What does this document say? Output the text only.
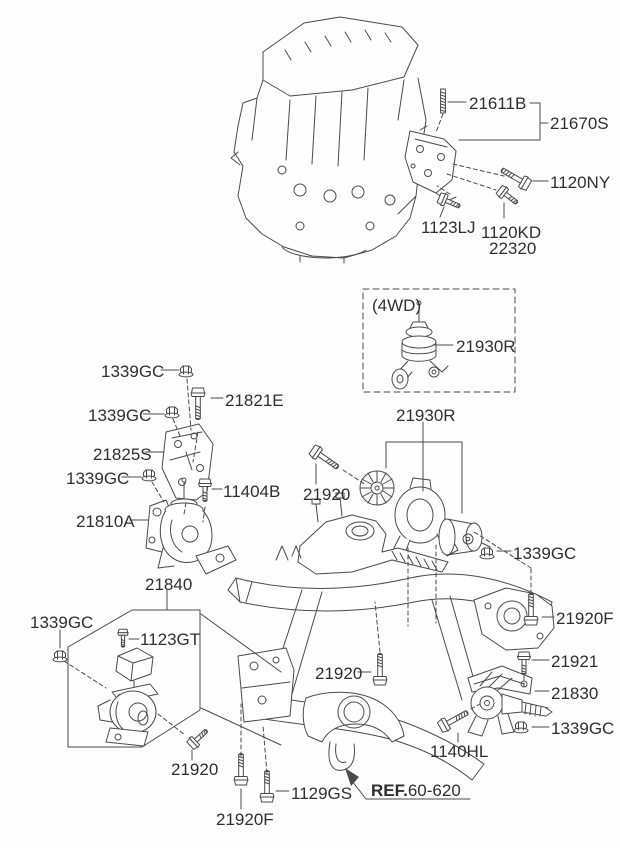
21611B
21670S
1120NY
1123LJ 1120KD
22320
(4WD)
21930R
1339GC
21821E
1339GC
21825S
1339GC
11404B
21810A
21930R
21920
1339GC
21840
1339GC
1123GT
21920F
21921
21830
1339GC
1140HL
21920
21920
21920F
1129GS REF.60-620
